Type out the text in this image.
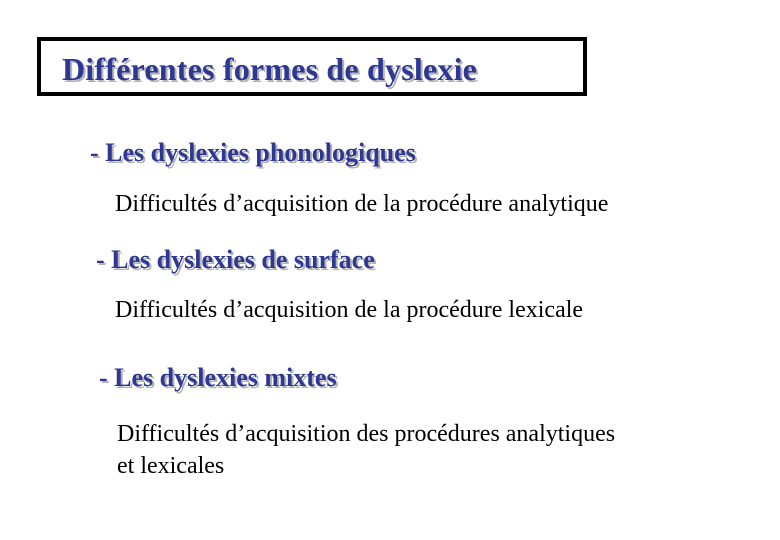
Différentes formes de dyslexie
- Les dyslexies phonologiques
Difficultés d’acquisition de la procédure analytique
- Les dyslexies de surface
Difficultés d’acquisition de la procédure lexicale
- Les dyslexies mixtes
Difficultés d’acquisition des procédures analytiques
et lexicales
